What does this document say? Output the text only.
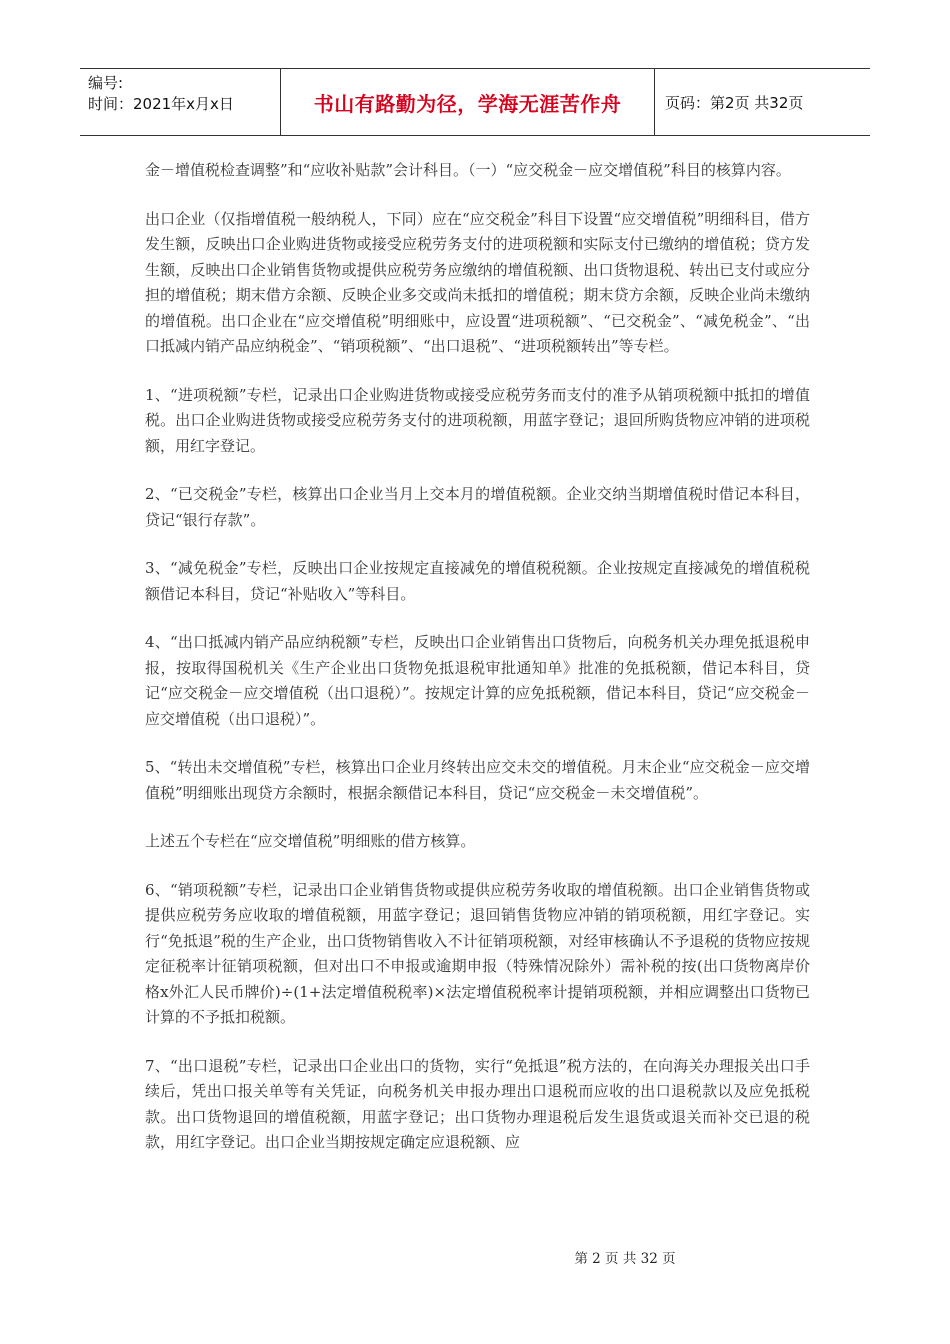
编号:
时间：2021年x月x日	书山有路勤为径，学海无涯苦作舟	页码：第2页 共32页

金－增值税检查调整”和“应收补贴款”会计科目。（一）“应交税金－应交增值税”科目的核算内容。

出口企业（仅指增值税一般纳税人，下同）应在“应交税金”科目下设置“应交增值税”明细科目，借方发生额，反映出口企业购进货物或接受应税劳务支付的进项税额和实际支付已缴纳的增值税；贷方发生额，反映出口企业销售货物或提供应税劳务应缴纳的增值税额、出口货物退税、转出已支付或应分担的增值税；期末借方余额、反映企业多交或尚未抵扣的增值税；期末贷方余额，反映企业尚未缴纳的增值税。出口企业在“应交增值税”明细账中，应设置“进项税额”、“已交税金”、“减免税金”、“出口抵减内销产品应纳税金”、“销项税额”、“出口退税”、“进项税额转出”等专栏。

1、“进项税额”专栏，记录出口企业购进货物或接受应税劳务而支付的准予从销项税额中抵扣的增值税。出口企业购进货物或接受应税劳务支付的进项税额，用蓝字登记；退回所购货物应冲销的进项税额，用红字登记。

2、“已交税金”专栏，核算出口企业当月上交本月的增值税额。企业交纳当期增值税时借记本科目，贷记“银行存款”。

3、“减免税金”专栏，反映出口企业按规定直接减免的增值税税额。企业按规定直接减免的增值税税额借记本科目，贷记“补贴收入”等科目。

4、“出口抵减内销产品应纳税额”专栏，反映出口企业销售出口货物后，向税务机关办理免抵退税申报，按取得国税机关《生产企业出口货物免抵退税审批通知单》批准的免抵税额，借记本科目，贷记“应交税金－应交增值税（出口退税）”。按规定计算的应免抵税额，借记本科目，贷记“应交税金－应交增值税（出口退税）”。

5、“转出未交增值税”专栏，核算出口企业月终转出应交未交的增值税。月末企业“应交税金－应交增值税”明细账出现贷方余额时，根据余额借记本科目，贷记“应交税金－未交增值税”。

上述五个专栏在“应交增值税”明细账的借方核算。

6、“销项税额”专栏，记录出口企业销售货物或提供应税劳务收取的增值税额。出口企业销售货物或提供应税劳务应收取的增值税额，用蓝字登记；退回销售货物应冲销的销项税额，用红字登记。实行“免抵退”税的生产企业，出口货物销售收入不计征销项税额，对经审核确认不予退税的货物应按规定征税率计征销项税额，但对出口不申报或逾期申报（特殊情况除外）需补税的按(出口货物离岸价格x外汇人民币牌价)÷(1+法定增值税税率)×法定增值税税率计提销项税额，并相应调整出口货物已计算的不予抵扣税额。

7、“出口退税”专栏，记录出口企业出口的货物，实行“免抵退”税方法的，在向海关办理报关出口手续后，凭出口报关单等有关凭证，向税务机关申报办理出口退税而应收的出口退税款以及应免抵税款。出口货物退回的增值税额，用蓝字登记；出口货物办理退税后发生退货或退关而补交已退的税款，用红字登记。出口企业当期按规定确定应退税额、应

第 2 页 共 32 页
